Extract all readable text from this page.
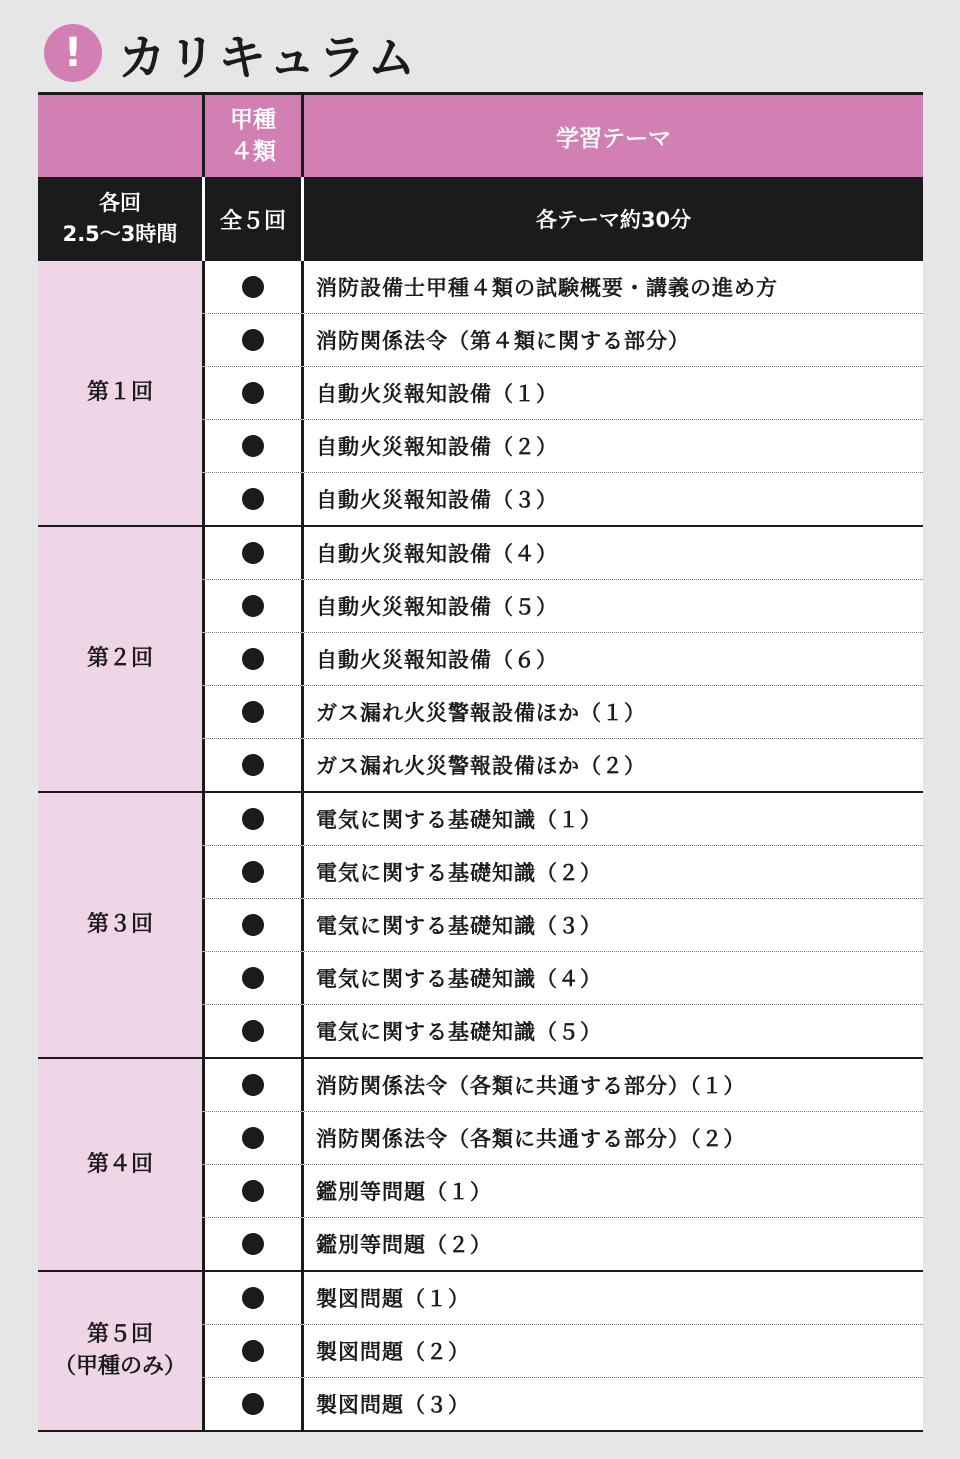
! カリキュラム
甲種
４類
学習テーマ
各回
2.5〜3時間
全５回	各テーマ約30分
第１回
消防設備士甲種４類の試験概要・講義の進め方
消防関係法令（第４類に関する部分）
自動火災報知設備（１）
自動火災報知設備（２）
自動火災報知設備（３）
第２回
自動火災報知設備（４）
自動火災報知設備（５）
自動火災報知設備（６）
ガス漏れ火災警報設備ほか（１）
ガス漏れ火災警報設備ほか（２）
第３回
電気に関する基礎知識（１）
電気に関する基礎知識（２）
電気に関する基礎知識（３）
電気に関する基礎知識（４）
電気に関する基礎知識（５）
第４回
消防関係法令（各類に共通する部分）（１）
消防関係法令（各類に共通する部分）（２）
鑑別等問題（１）
鑑別等問題（２）
第５回
（甲種のみ）
製図問題（１）
製図問題（２）
製図問題（３）
